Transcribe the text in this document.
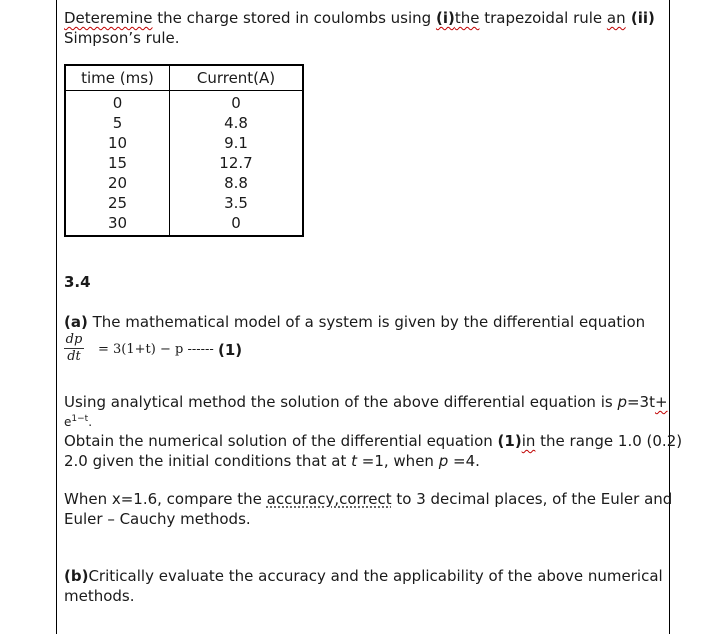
Deteremine the charge stored in coulombs using (i)the trapezoidal rule an (ii)
Simpson’s rule.
time (ms)	Current(A)
0	0
5	4.8
10	9.1
15	12.7
20	8.8
25	3.5
30	0
3.4
(a) The mathematical model of a system is given by the differential equation
$\frac{dp}{dt} = 3(1+t) - p$ ------ (1)
Using analytical method the solution of the above differential equation is p=3t+
$e^{1-t}$.
Obtain the numerical solution of the differential equation (1)in the range 1.0 (0.2)
2.0 given the initial conditions that at t =1, when p =4.
When x=1.6, compare the accuracy,correct to 3 decimal places, of the Euler and
Euler – Cauchy methods.
(b)Critically evaluate the accuracy and the applicability of the above numerical
methods.
